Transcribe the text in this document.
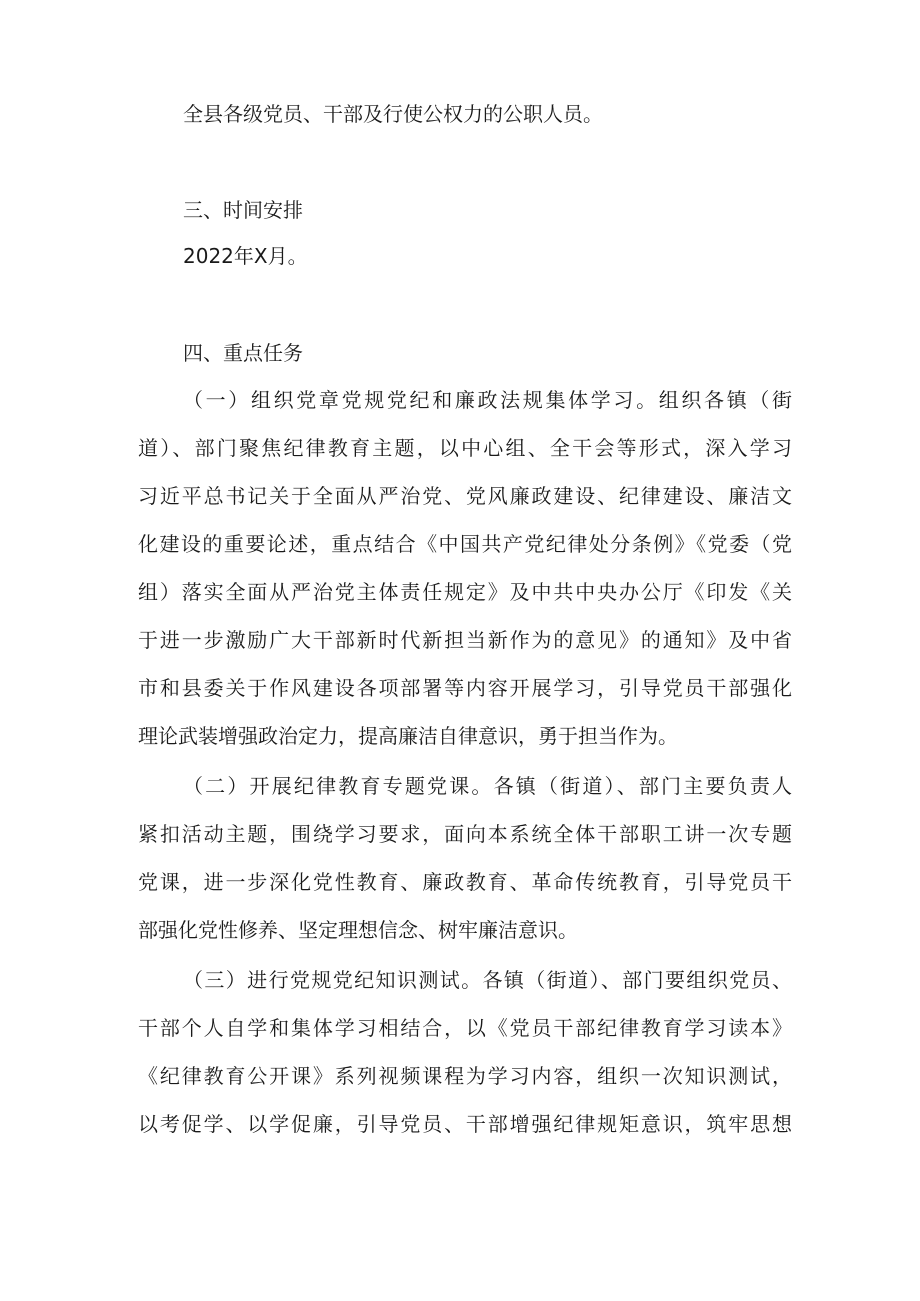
全县各级党员、干部及行使公权力的公职人员。
三、时间安排
2022年X月。
四、重点任务
（一）组织党章党规党纪和廉政法规集体学习。组织各镇（街
道）、部门聚焦纪律教育主题，以中心组、全干会等形式，深入学习
习近平总书记关于全面从严治党、党风廉政建设、纪律建设、廉洁文
化建设的重要论述，重点结合《中国共产党纪律处分条例》《党委（党
组）落实全面从严治党主体责任规定》及中共中央办公厅《印发《关
于进一步激励广大干部新时代新担当新作为的意见》的通知》及中省
市和县委关于作风建设各项部署等内容开展学习，引导党员干部强化
理论武装增强政治定力，提高廉洁自律意识，勇于担当作为。
（二）开展纪律教育专题党课。各镇（街道）、部门主要负责人
紧扣活动主题，围绕学习要求，面向本系统全体干部职工讲一次专题
党课，进一步深化党性教育、廉政教育、革命传统教育，引导党员干
部强化党性修养、坚定理想信念、树牢廉洁意识。
（三）进行党规党纪知识测试。各镇（街道）、部门要组织党员、
干部个人自学和集体学习相结合，以《党员干部纪律教育学习读本》
《纪律教育公开课》系列视频课程为学习内容，组织一次知识测试，
以考促学、以学促廉，引导党员、干部增强纪律规矩意识，筑牢思想
